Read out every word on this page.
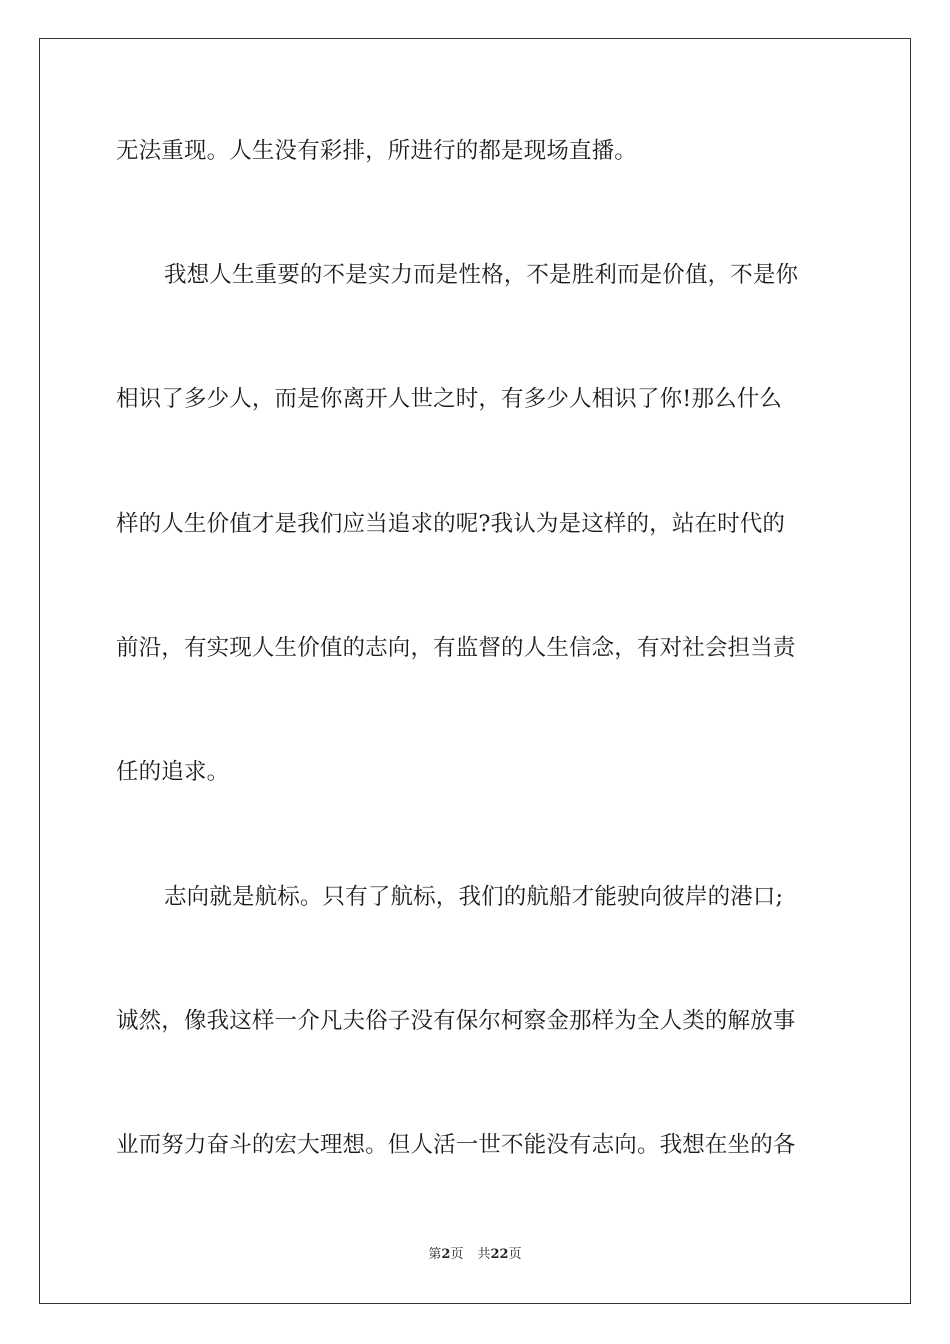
无法重现。人生没有彩排，所进行的都是现场直播。
我想人生重要的不是实力而是性格，不是胜利而是价值，不是你
相识了多少人，而是你离开人世之时，有多少人相识了你!那么什么
样的人生价值才是我们应当追求的呢?我认为是这样的，站在时代的
前沿，有实现人生价值的志向，有监督的人生信念，有对社会担当责
任的追求。
志向就是航标。只有了航标，我们的航船才能驶向彼岸的港口;
诚然，像我这样一介凡夫俗子没有保尔柯察金那样为全人类的解放事
业而努力奋斗的宏大理想。但人活一世不能没有志向。我想在坐的各
第2页 共22页
